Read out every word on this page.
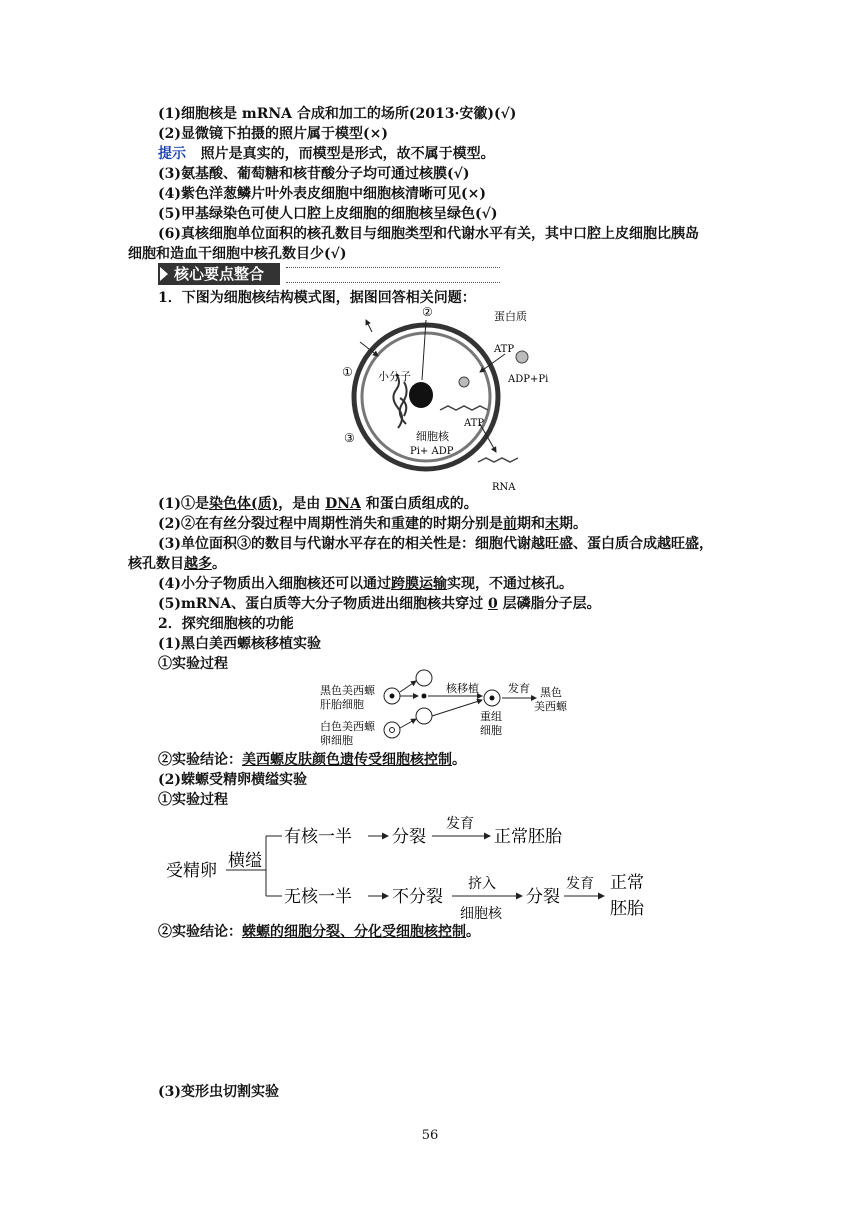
(1)细胞核是 mRNA 合成和加工的场所(2013·安徽)(√)
(2)显微镜下拍摄的照片属于模型(×)
提示 照片是真实的，而模型是形式，故不属于模型。
(3)氨基酸、葡萄糖和核苷酸分子均可通过核膜(√)
(4)紫色洋葱鳞片叶外表皮细胞中细胞核清晰可见(×)
(5)甲基绿染色可使人口腔上皮细胞的细胞核呈绿色(√)
(6)真核细胞单位面积的核孔数目与细胞类型和代谢水平有关，其中口腔上皮细胞比胰岛
细胞和造血干细胞中核孔数目少(√)
核心要点整合
1．下图为细胞核结构模式图，据图回答相关问题：
②
①
③
小分子
蛋白质
ATP
ADP+Pi
ATP
细胞核
Pi+ ADP
RNA
(1)①是染色体(质)，是由 DNA 和蛋白质组成的。
(2)②在有丝分裂过程中周期性消失和重建的时期分别是前期和末期。
(3)单位面积③的数目与代谢水平存在的相关性是：细胞代谢越旺盛、蛋白质合成越旺盛，
核孔数目越多。
(4)小分子物质出入细胞核还可以通过跨膜运输实现，不通过核孔。
(5)mRNA、蛋白质等大分子物质进出细胞核共穿过 0 层磷脂分子层。
2．探究细胞核的功能
(1)黑白美西螈核移植实验
①实验过程
黑色美西螈
肝胎细胞
白色美西螈
卵细胞
核移植
重组
细胞
发育 黑色
美西螈
②实验结论：美西螈皮肤颜色遗传受细胞核控制。
(2)蝾螈受精卵横缢实验
①实验过程
受精卵 横缢
有核一半 分裂
发育
正常胚胎
无核一半 不分裂
挤入
细胞核
分裂
发育 正常
胚胎
②实验结论：蝾螈的细胞分裂、分化受细胞核控制。
(3)变形虫切割实验
56
